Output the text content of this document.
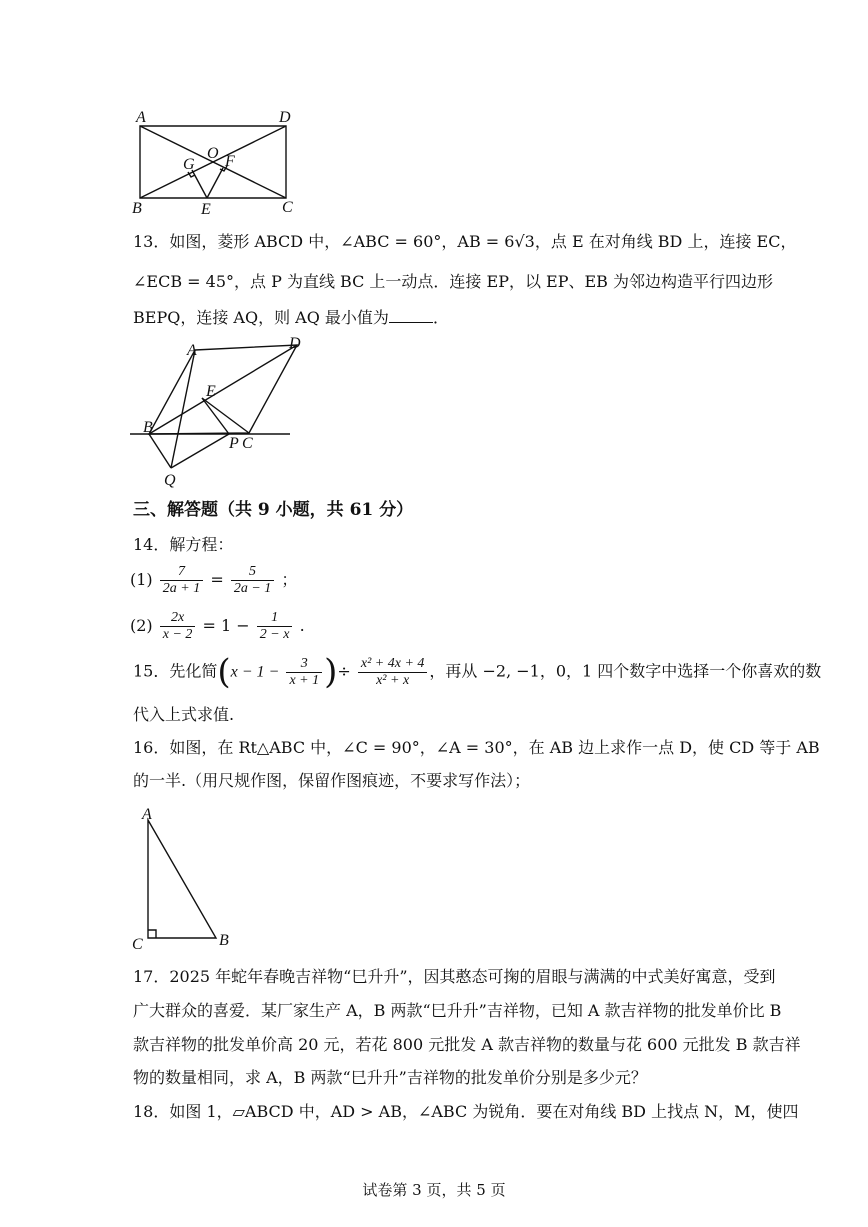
A	D
G
O F
B	E	C
13．如图，菱形 ABCD 中，∠ABC = 60°，AB = 6√3，点 E 在对角线 BD 上，连接 EC，
∠ECB = 45°，点 P 为直线 BC 上一动点．连接 EP，以 EP、EB 为邻边构造平行四边形
BEPQ，连接 AQ，则 AQ 最小值为	．
A	D
E
B
P C
Q
三、解答题（共 9 小题，共 61 分）
14．解方程：
$(1) \frac{7}{2a + 1} = \frac{5}{2a - 1}$ ；
$(2) \frac{2x}{x - 2} = 1 - \frac{1}{2 - x}$ .
15．先化简($x - 1 - \frac{3}{x + 1}$ )÷ $\frac{\text{x² + 4x + 4}}{\text{x² + x}}$ ，再从 −2, −1，0，1 四个数字中选择一个你喜欢的数
代入上式求值.
16．如图，在 Rt△ABC 中，∠C = 90°，∠A = 30°，在 AB 边上求作一点 D，使 CD 等于 AB
的一半.（用尺规作图，保留作图痕迹，不要求写作法）；
A
C	B
17．2025 年蛇年春晚吉祥物“巳升升”，因其憨态可掬的眉眼与满满的中式美好寓意，受到
广大群众的喜爱．某厂家生产 A，B 两款“巳升升”吉祥物，已知 A 款吉祥物的批发单价比 B
款吉祥物的批发单价高 20 元，若花 800 元批发 A 款吉祥物的数量与花 600 元批发 B 款吉祥
物的数量相同，求 A，B 两款“巳升升”吉祥物的批发单价分别是多少元？
18．如图 1，▱ABCD 中，AD > AB，∠ABC 为锐角．要在对角线 BD 上找点 N，M，使四
试卷第 3 页，共 5 页
